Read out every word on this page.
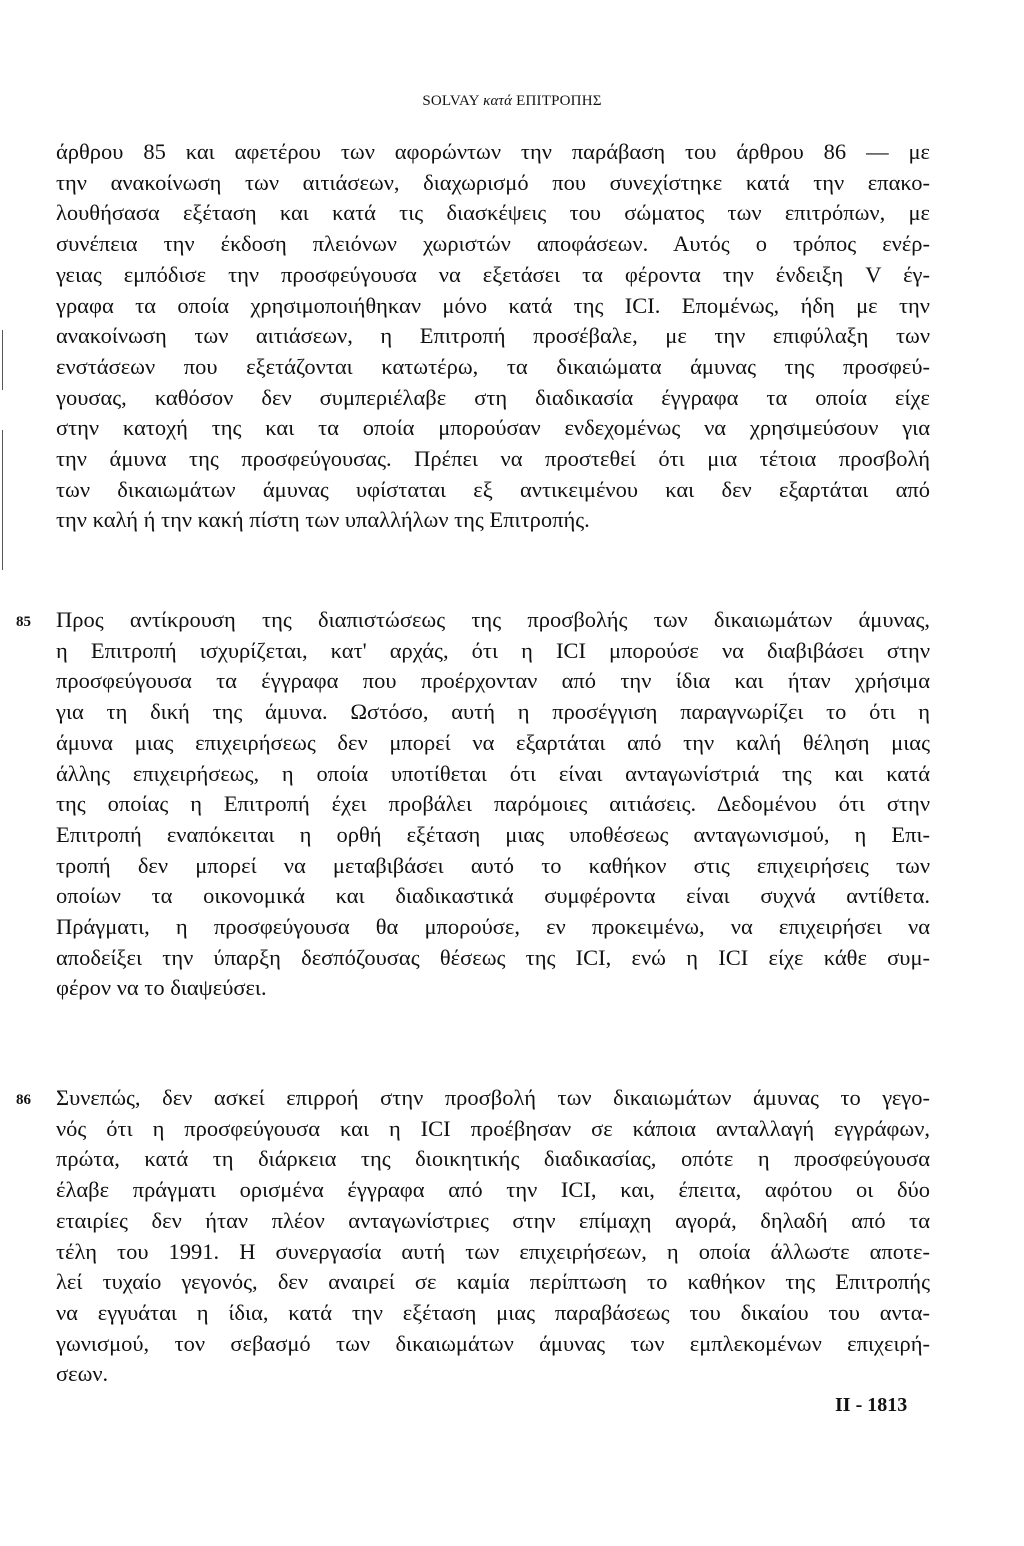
SOLVAY κατά ΕΠΙΤΡΟΠΗΣ
άρθρου 85 και αφετέρου των αφορώντων την παράβαση του άρθρου 86 — με
την ανακοίνωση των αιτιάσεων, διαχωρισμό που συνεχίστηκε κατά την επακο-
λουθήσασα εξέταση και κατά τις διασκέψεις του σώματος των επιτρόπων, με
συνέπεια την έκδοση πλειόνων χωριστών αποφάσεων. Αυτός ο τρόπος ενέρ-
γειας εμπόδισε την προσφεύγουσα να εξετάσει τα φέροντα την ένδειξη V έγ-
γραφα τα οποία χρησιμοποιήθηκαν μόνο κατά της ICI. Επομένως, ήδη με την
ανακοίνωση των αιτιάσεων, η Επιτροπή προσέβαλε, με την επιφύλαξη των
ενστάσεων που εξετάζονται κατωτέρω, τα δικαιώματα άμυνας της προσφεύ-
γουσας, καθόσον δεν συμπεριέλαβε στη διαδικασία έγγραφα τα οποία είχε
στην κατοχή της και τα οποία μπορούσαν ενδεχομένως να χρησιμεύσουν για
την άμυνα της προσφεύγουσας. Πρέπει να προστεθεί ότι μια τέτοια προσβολή
των δικαιωμάτων άμυνας υφίσταται εξ αντικειμένου και δεν εξαρτάται από
την καλή ή την κακή πίστη των υπαλλήλων της Επιτροπής.
85 Προς αντίκρουση της διαπιστώσεως της προσβολής των δικαιωμάτων άμυνας,
η Επιτροπή ισχυρίζεται, κατ' αρχάς, ότι η ICI μπορούσε να διαβιβάσει στην
προσφεύγουσα τα έγγραφα που προέρχονταν από την ίδια και ήταν χρήσιμα
για τη δική της άμυνα. Ωστόσο, αυτή η προσέγγιση παραγνωρίζει το ότι η
άμυνα μιας επιχειρήσεως δεν μπορεί να εξαρτάται από την καλή θέληση μιας
άλλης επιχειρήσεως, η οποία υποτίθεται ότι είναι ανταγωνίστριά της και κατά
της οποίας η Επιτροπή έχει προβάλει παρόμοιες αιτιάσεις. Δεδομένου ότι στην
Επιτροπή εναπόκειται η ορθή εξέταση μιας υποθέσεως ανταγωνισμού, η Επι-
τροπή δεν μπορεί να μεταβιβάσει αυτό το καθήκον στις επιχειρήσεις των
οποίων τα οικονομικά και διαδικαστικά συμφέροντα είναι συχνά αντίθετα.
Πράγματι, η προσφεύγουσα θα μπορούσε, εν προκειμένω, να επιχειρήσει να
αποδείξει την ύπαρξη δεσπόζουσας θέσεως της ICI, ενώ η ICI είχε κάθε συμ-
φέρον να το διαψεύσει.
86 Συνεπώς, δεν ασκεί επιρροή στην προσβολή των δικαιωμάτων άμυνας το γεγο-
νός ότι η προσφεύγουσα και η ICI προέβησαν σε κάποια ανταλλαγή εγγράφων,
πρώτα, κατά τη διάρκεια της διοικητικής διαδικασίας, οπότε η προσφεύγουσα
έλαβε πράγματι ορισμένα έγγραφα από την ICI, και, έπειτα, αφότου οι δύο
εταιρίες δεν ήταν πλέον ανταγωνίστριες στην επίμαχη αγορά, δηλαδή από τα
τέλη του 1991. Η συνεργασία αυτή των επιχειρήσεων, η οποία άλλωστε αποτε-
λεί τυχαίο γεγονός, δεν αναιρεί σε καμία περίπτωση το καθήκον της Επιτροπής
να εγγυάται η ίδια, κατά την εξέταση μιας παραβάσεως του δικαίου του αντα-
γωνισμού, τον σεβασμό των δικαιωμάτων άμυνας των εμπλεκομένων επιχειρή-
σεων.
II - 1813
